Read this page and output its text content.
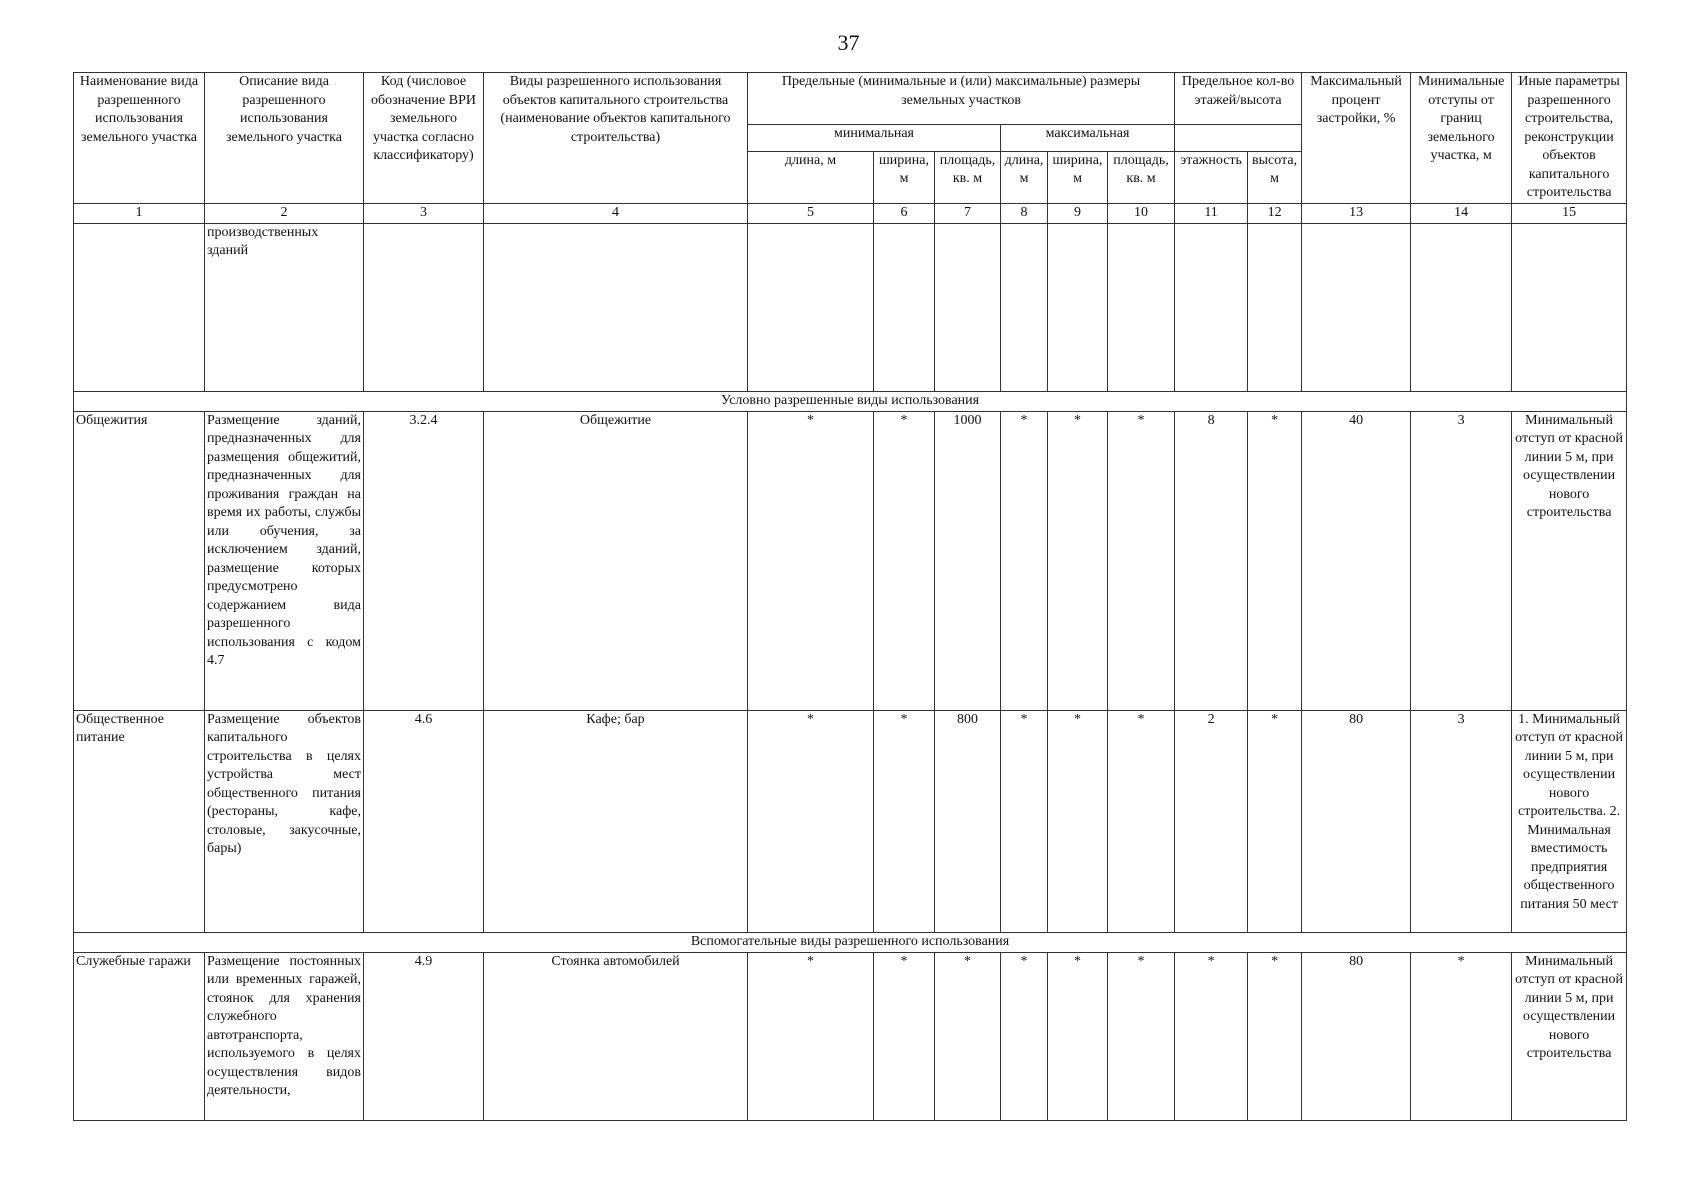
37
Наименование вида разрешенного использования земельного участка	Описание вида разрешенного использования земельного участка	Код (числовое обозначение ВРИ земельного участка согласно классификатору)	Виды разрешенного использования объектов капитального строительства (наименование объектов капитального строительства)	Предельные (минимальные и (или) максимальные) размеры земельных участков						Предельное кол-во этажей/высота		Максимальный процент застройки, %	Минимальные отступы от границ земельного участка, м	Иные параметры разрешенного строительства, реконструкции объектов капитального строительства
				минимальная			максимальная							
				длина, м	ширина, м	площадь, кв. м	длина, м	ширина, м	площадь, кв. м	этажность	высота, м			
1	2	3	4	5	6	7	8	9	10	11	12	13	14	15
	производственных зданий													
Условно разрешенные виды использования														
Общежития	Размещение зданий, предназначенных для размещения общежитий, предназначенных для проживания граждан на время их работы, службы или обучения, за исключением зданий, размещение которых предусмотрено содержанием вида разрешенного использования с кодом 4.7	3.2.4	Общежитие	*	*	1000	*	*	*	8	*	40	3	Минимальный отступ от красной линии 5 м, при осуществлении нового строительства
Общественное питание	Размещение объектов капитального строительства в целях устройства мест общественного питания (рестораны, кафе, столовые, закусочные, бары)	4.6	Кафе; бар	*	*	800	*	*	*	2	*	80	3	1. Минимальный отступ от красной линии 5 м, при осуществлении нового строительства. 2. Минимальная вместимость предприятия общественного питания 50 мест
Вспомогательные виды разрешенного использования														
Служебные гаражи	Размещение постоянных или временных гаражей, стоянок для хранения служебного автотранспорта, используемого в целях осуществления видов деятельности,	4.9	Стоянка автомобилей	*	*	*	*	*	*	*	*	80	*	Минимальный отступ от красной линии 5 м, при осуществлении нового строительства
